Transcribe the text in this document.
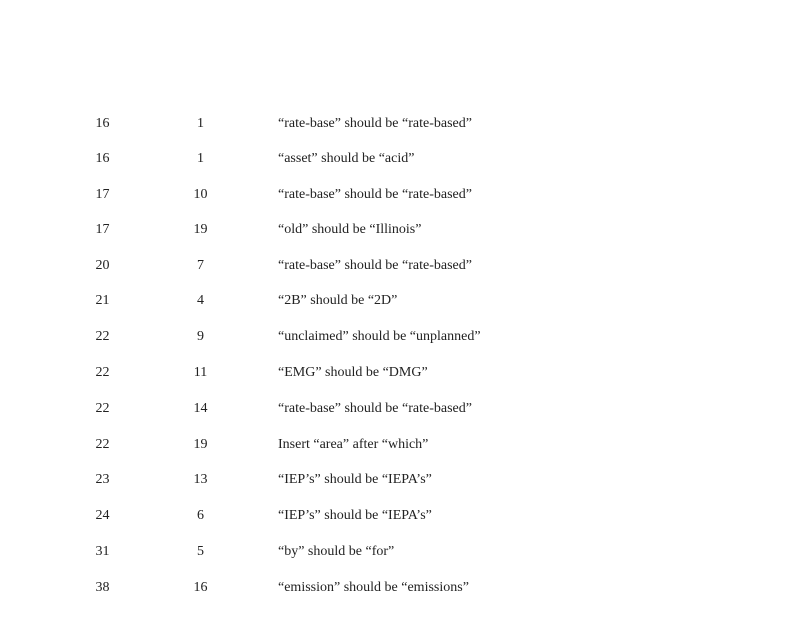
16	1	“rate-base” should be “rate-based”
16	1	“asset” should be “acid”
17	10	“rate-base” should be “rate-based”
17	19	“old” should be “Illinois”
20	7	“rate-base” should be “rate-based”
21	4	“2B” should be “2D”
22	9	“unclaimed” should be “unplanned”
22	11	“EMG” should be “DMG”
22	14	“rate-base” should be “rate-based”
22	19	Insert “area” after “which”
23	13	“IEP’s” should be “IEPA’s”
24	6	“IEP’s” should be “IEPA’s”
31	5	“by” should be “for”
38	16	“emission” should be “emissions”
